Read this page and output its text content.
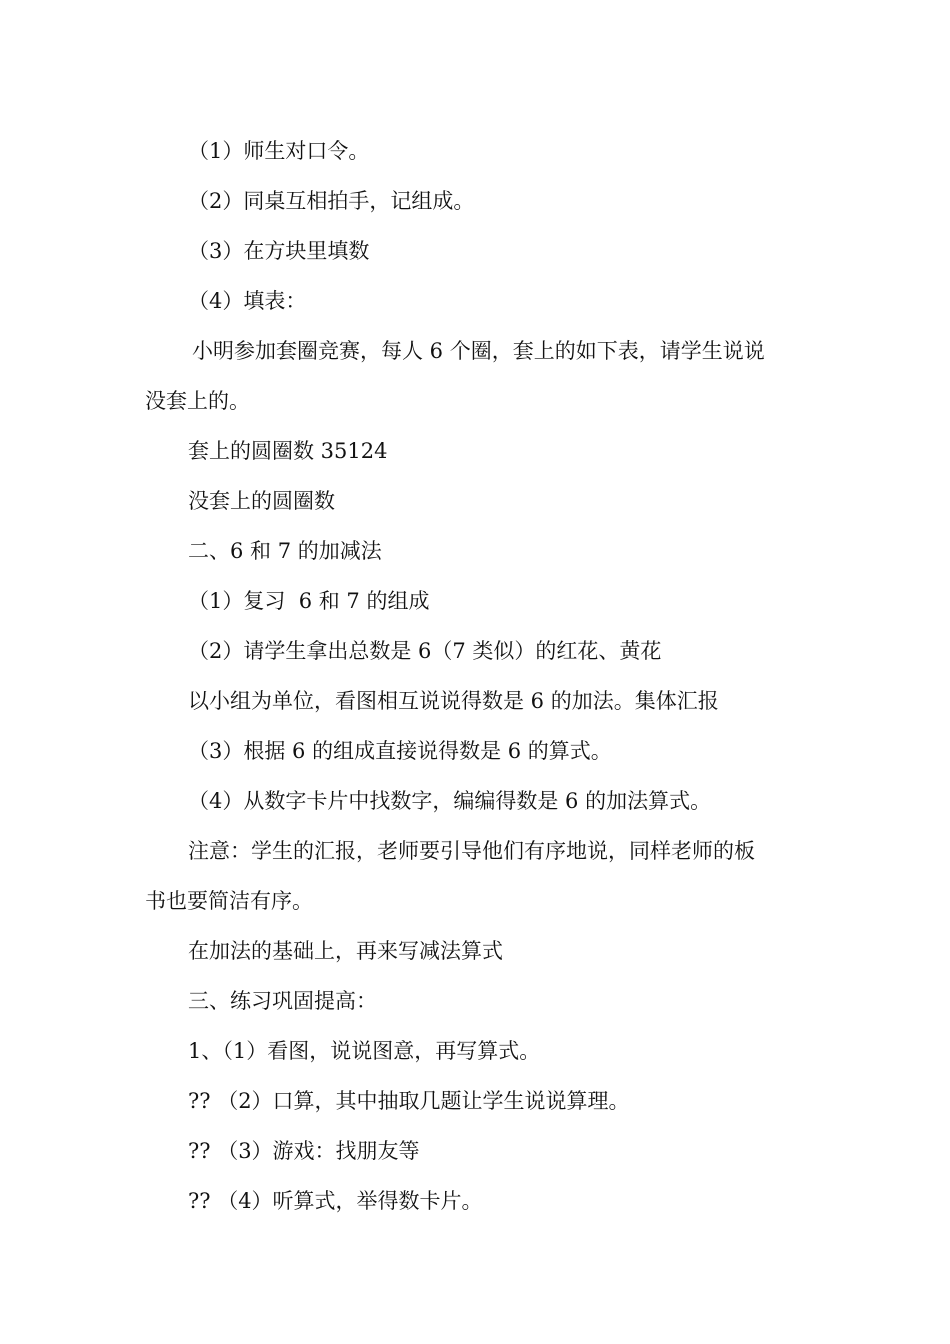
（1）师生对口令。
（2）同桌互相拍手，记组成。
（3）在方块里填数
（4）填表：
小明参加套圈竞赛，每人 6 个圈，套上的如下表，请学生说说
没套上的。
套上的圆圈数 35124
没套上的圆圈数
二、6 和 7 的加减法
（1）复习  6 和 7 的组成
（2）请学生拿出总数是 6（7 类似）的红花、黄花
以小组为单位，看图相互说说得数是 6 的加法。集体汇报
（3）根据 6 的组成直接说得数是 6 的算式。
（4）从数字卡片中找数字，编编得数是 6 的加法算式。
注意：学生的汇报，老师要引导他们有序地说，同样老师的板
书也要简洁有序。
在加法的基础上，再来写减法算式
三、练习巩固提高：
1、（1）看图，说说图意，再写算式。
?? （2）口算，其中抽取几题让学生说说算理。
?? （3）游戏：找朋友等
?? （4）听算式，举得数卡片。
